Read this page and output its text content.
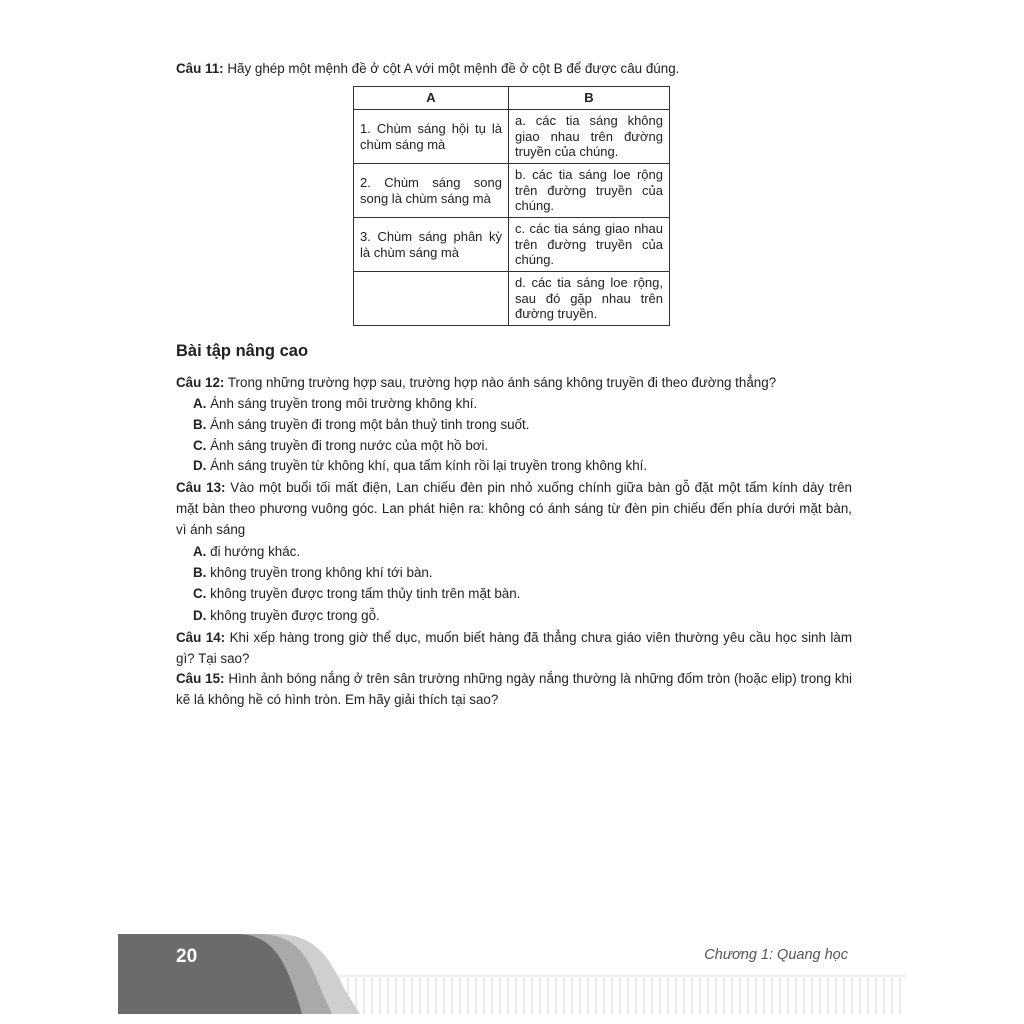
Câu 11: Hãy ghép một mệnh đề ở cột A với một mệnh đề ở cột B để được câu đúng.
A	B
1. Chùm sáng hội tụ là chùm sáng mà	a. các tia sáng không giao nhau trên đường truyền của chúng.
2. Chùm sáng song song là chùm sáng mà	b. các tia sáng loe rộng trên đường truyền của chúng.
3. Chùm sáng phân kỳ là chùm sáng mà	c. các tia sáng giao nhau trên đường truyền của chúng.
	d. các tia sáng loe rộng, sau đó gặp nhau trên đường truyền.
Bài tập nâng cao
Câu 12: Trong những trường hợp sau, trường hợp nào ánh sáng không truyền đi theo đường thẳng?
A. Ánh sáng truyền trong môi trường không khí.
B. Ánh sáng truyền đi trong một bản thuỷ tinh trong suốt.
C. Ánh sáng truyền đi trong nước của một hồ bơi.
D. Ánh sáng truyền từ không khí, qua tấm kính rồi lại truyền trong không khí.
Câu 13: Vào một buổi tối mất điện, Lan chiếu đèn pin nhỏ xuống chính giữa bàn gỗ đặt một tấm kính dày trên mặt bàn theo phương vuông góc. Lan phát hiện ra: không có ánh sáng từ đèn pin chiếu đến phía dưới mặt bàn, vì ánh sáng
A. đi hướng khác.
B. không truyền trong không khí tới bàn.
C. không truyền được trong tấm thủy tinh trên mặt bàn.
D. không truyền được trong gỗ.
Câu 14: Khi xếp hàng trong giờ thể dục, muốn biết hàng đã thẳng chưa giáo viên thường yêu cầu học sinh làm gì? Tại sao?
Câu 15: Hình ảnh bóng nắng ở trên sân trường những ngày nắng thường là những đốm tròn (hoặc elip) trong khi kẽ lá không hề có hình tròn. Em hãy giải thích tại sao?
20	Chương 1: Quang học
